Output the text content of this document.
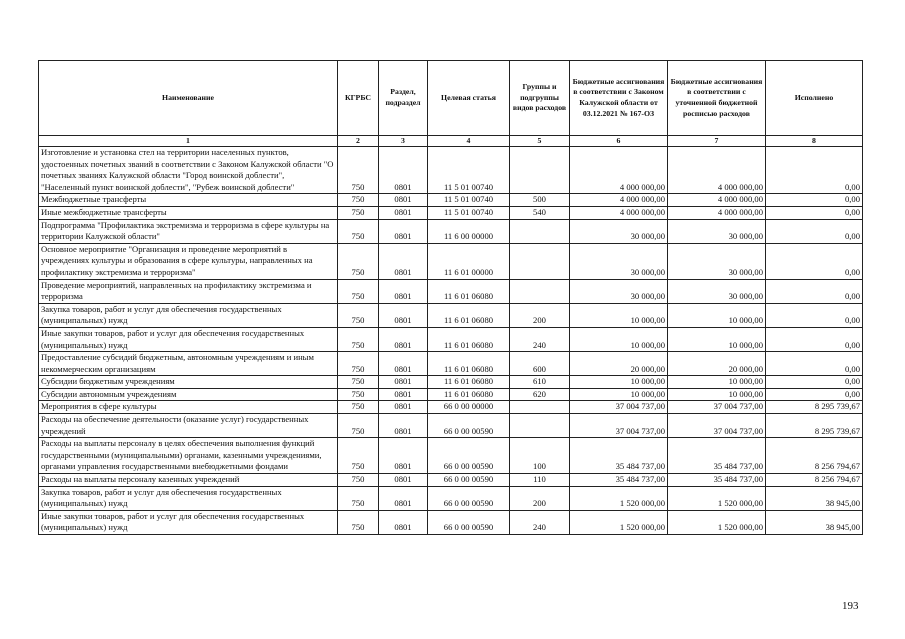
Наименование	КГРБС	Раздел, подраздел	Целевая статья	Группы и подгруппы видов расходов	Бюджетные ассигнования в соответствии с Законом Калужской области от 03.12.2021 № 167-ОЗ	Бюджетные ассигнования в соответствии с уточненной бюджетной росписью расходов	Исполнено
1	2	3	4	5	6	7	8
Изготовление и установка стел на территории населенных пунктов, удостоенных почетных званий в соответствии с Законом Калужской области "О почетных званиях Калужской области "Город воинской доблести", "Населенный пункт воинской доблести", "Рубеж воинской доблести"	750	0801	11 5 01 00740		4 000 000,00	4 000 000,00	0,00
Межбюджетные трансферты	750	0801	11 5 01 00740	500	4 000 000,00	4 000 000,00	0,00
Иные межбюджетные трансферты	750	0801	11 5 01 00740	540	4 000 000,00	4 000 000,00	0,00
Подпрограмма "Профилактика экстремизма и терроризма в сфере культуры на территории Калужской области"	750	0801	11 6 00 00000		30 000,00	30 000,00	0,00
Основное мероприятие "Организация и проведение мероприятий в учреждениях культуры и образования в сфере культуры, направленных на профилактику экстремизма и терроризма"	750	0801	11 6 01 00000		30 000,00	30 000,00	0,00
Проведение мероприятий, направленных на профилактику экстремизма и терроризма	750	0801	11 6 01 06080		30 000,00	30 000,00	0,00
Закупка товаров, работ и услуг для обеспечения государственных (муниципальных) нужд	750	0801	11 6 01 06080	200	10 000,00	10 000,00	0,00
Иные закупки товаров, работ и услуг для обеспечения государственных (муниципальных) нужд	750	0801	11 6 01 06080	240	10 000,00	10 000,00	0,00
Предоставление субсидий бюджетным, автономным учреждениям и иным некоммерческим организациям	750	0801	11 6 01 06080	600	20 000,00	20 000,00	0,00
Субсидии бюджетным учреждениям	750	0801	11 6 01 06080	610	10 000,00	10 000,00	0,00
Субсидии автономным учреждениям	750	0801	11 6 01 06080	620	10 000,00	10 000,00	0,00
Мероприятия в сфере культуры	750	0801	66 0 00 00000		37 004 737,00	37 004 737,00	8 295 739,67
Расходы на обеспечение деятельности (оказание услуг) государственных учреждений	750	0801	66 0 00 00590		37 004 737,00	37 004 737,00	8 295 739,67
Расходы на выплаты персоналу в целях обеспечения выполнения функций государственными (муниципальными) органами, казенными учреждениями, органами управления государственными внебюджетными фондами	750	0801	66 0 00 00590	100	35 484 737,00	35 484 737,00	8 256 794,67
Расходы на выплаты персоналу казенных учреждений	750	0801	66 0 00 00590	110	35 484 737,00	35 484 737,00	8 256 794,67
Закупка товаров, работ и услуг для обеспечения государственных (муниципальных) нужд	750	0801	66 0 00 00590	200	1 520 000,00	1 520 000,00	38 945,00
Иные закупки товаров, работ и услуг для обеспечения государственных (муниципальных) нужд	750	0801	66 0 00 00590	240	1 520 000,00	1 520 000,00	38 945,00
193
